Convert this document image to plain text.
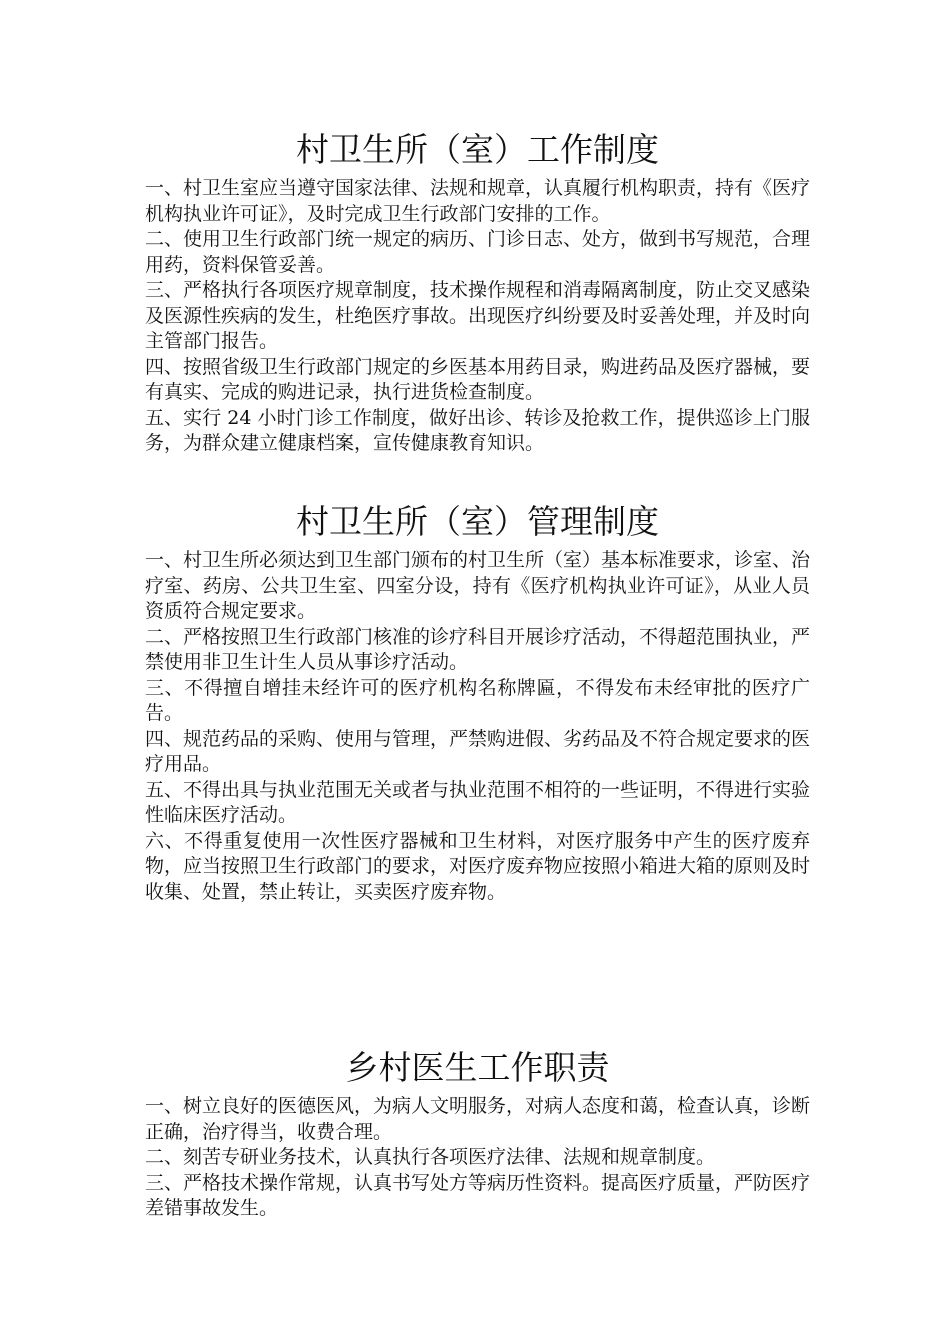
村卫生所（室）工作制度

一、村卫生室应当遵守国家法律、法规和规章，认真履行机构职责，持有《医疗机构执业许可证》，及时完成卫生行政部门安排的工作。

二、使用卫生行政部门统一规定的病历、门诊日志、处方，做到书写规范，合理用药，资料保管妥善。

三、严格执行各项医疗规章制度，技术操作规程和消毒隔离制度，防止交叉感染及医源性疾病的发生，杜绝医疗事故。出现医疗纠纷要及时妥善处理，并及时向主管部门报告。

四、按照省级卫生行政部门规定的乡医基本用药目录，购进药品及医疗器械，要有真实、完成的购进记录，执行进货检查制度。

五、实行 24 小时门诊工作制度，做好出诊、转诊及抢救工作，提供巡诊上门服务，为群众建立健康档案，宣传健康教育知识。

村卫生所（室）管理制度

一、村卫生所必须达到卫生部门颁布的村卫生所（室）基本标准要求，诊室、治疗室、药房、公共卫生室、四室分设，持有《医疗机构执业许可证》，从业人员资质符合规定要求。

二、严格按照卫生行政部门核准的诊疗科目开展诊疗活动，不得超范围执业，严禁使用非卫生计生人员从事诊疗活动。

三、不得擅自增挂未经许可的医疗机构名称牌匾，不得发布未经审批的医疗广告。

四、规范药品的采购、使用与管理，严禁购进假、劣药品及不符合规定要求的医疗用品。

五、不得出具与执业范围无关或者与执业范围不相符的一些证明，不得进行实验性临床医疗活动。

六、不得重复使用一次性医疗器械和卫生材料，对医疗服务中产生的医疗废弃物，应当按照卫生行政部门的要求，对医疗废弃物应按照小箱进大箱的原则及时收集、处置，禁止转让，买卖医疗废弃物。

乡村医生工作职责

一、树立良好的医德医风，为病人文明服务，对病人态度和蔼，检查认真，诊断正确，治疗得当，收费合理。

二、刻苦专研业务技术，认真执行各项医疗法律、法规和规章制度。

三、严格技术操作常规，认真书写处方等病历性资料。提高医疗质量，严防医疗差错事故发生。
